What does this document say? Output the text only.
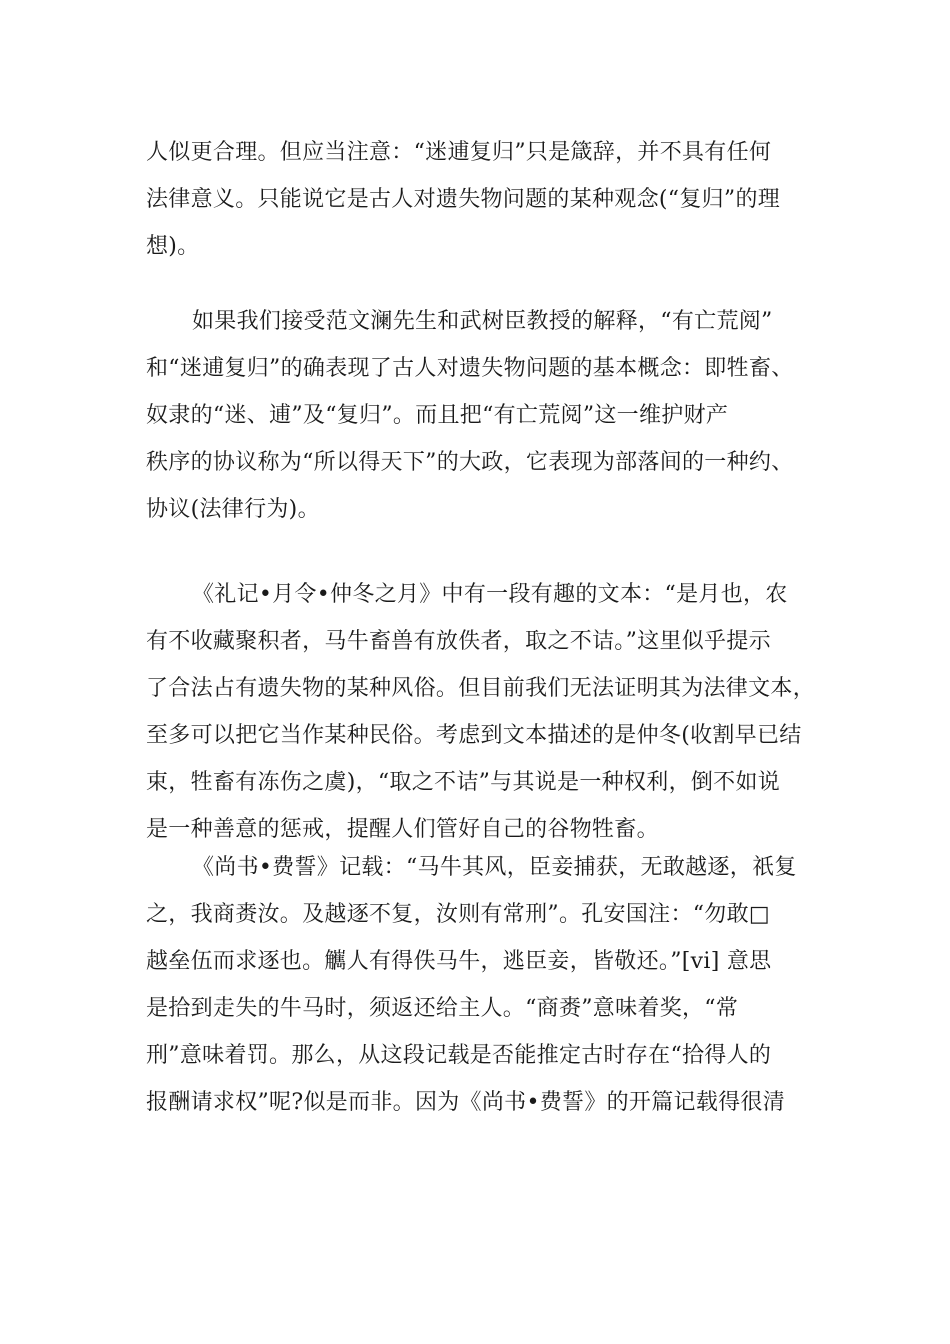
人似更合理。但应当注意：“迷逋复归”只是箴辞，并不具有任何
法律意义。只能说它是古人对遗失物问题的某种观念(“复归”的理
想)。
如果我们接受范文澜先生和武树臣教授的解释，“有亡荒阅”
和“迷逋复归”的确表现了古人对遗失物问题的基本概念：即牲畜、
奴隶的“迷、逋”及“复归”。而且把“有亡荒阅”这一维护财产
秩序的协议称为“所以得天下”的大政，它表现为部落间的一种约、
协议(法律行为)。
《礼记•月令•仲冬之月》中有一段有趣的文本：“是月也，农
有不收藏聚积者，马牛畜兽有放佚者，取之不诘。”这里似乎提示
了合法占有遗失物的某种风俗。但目前我们无法证明其为法律文本，
至多可以把它当作某种民俗。考虑到文本描述的是仲冬(收割早已结
束，牲畜有冻伤之虞)，“取之不诘”与其说是一种权利，倒不如说
是一种善意的惩戒，提醒人们管好自己的谷物牲畜。
《尚书•费誓》记载：“马牛其风，臣妾捕获，无敢越逐，祇复
之，我商赉汝。及越逐不复，汝则有常刑”。孔安国注：“勿敢□
越垒伍而求逐也。觽人有得佚马牛，逃臣妾，皆敬还。”[vi] 意思
是拾到走失的牛马时，须返还给主人。“商赉”意味着奖，“常
刑”意味着罚。那么，从这段记载是否能推定古时存在“拾得人的
报酬请求权”呢?似是而非。因为《尚书•费誓》的开篇记载得很清
